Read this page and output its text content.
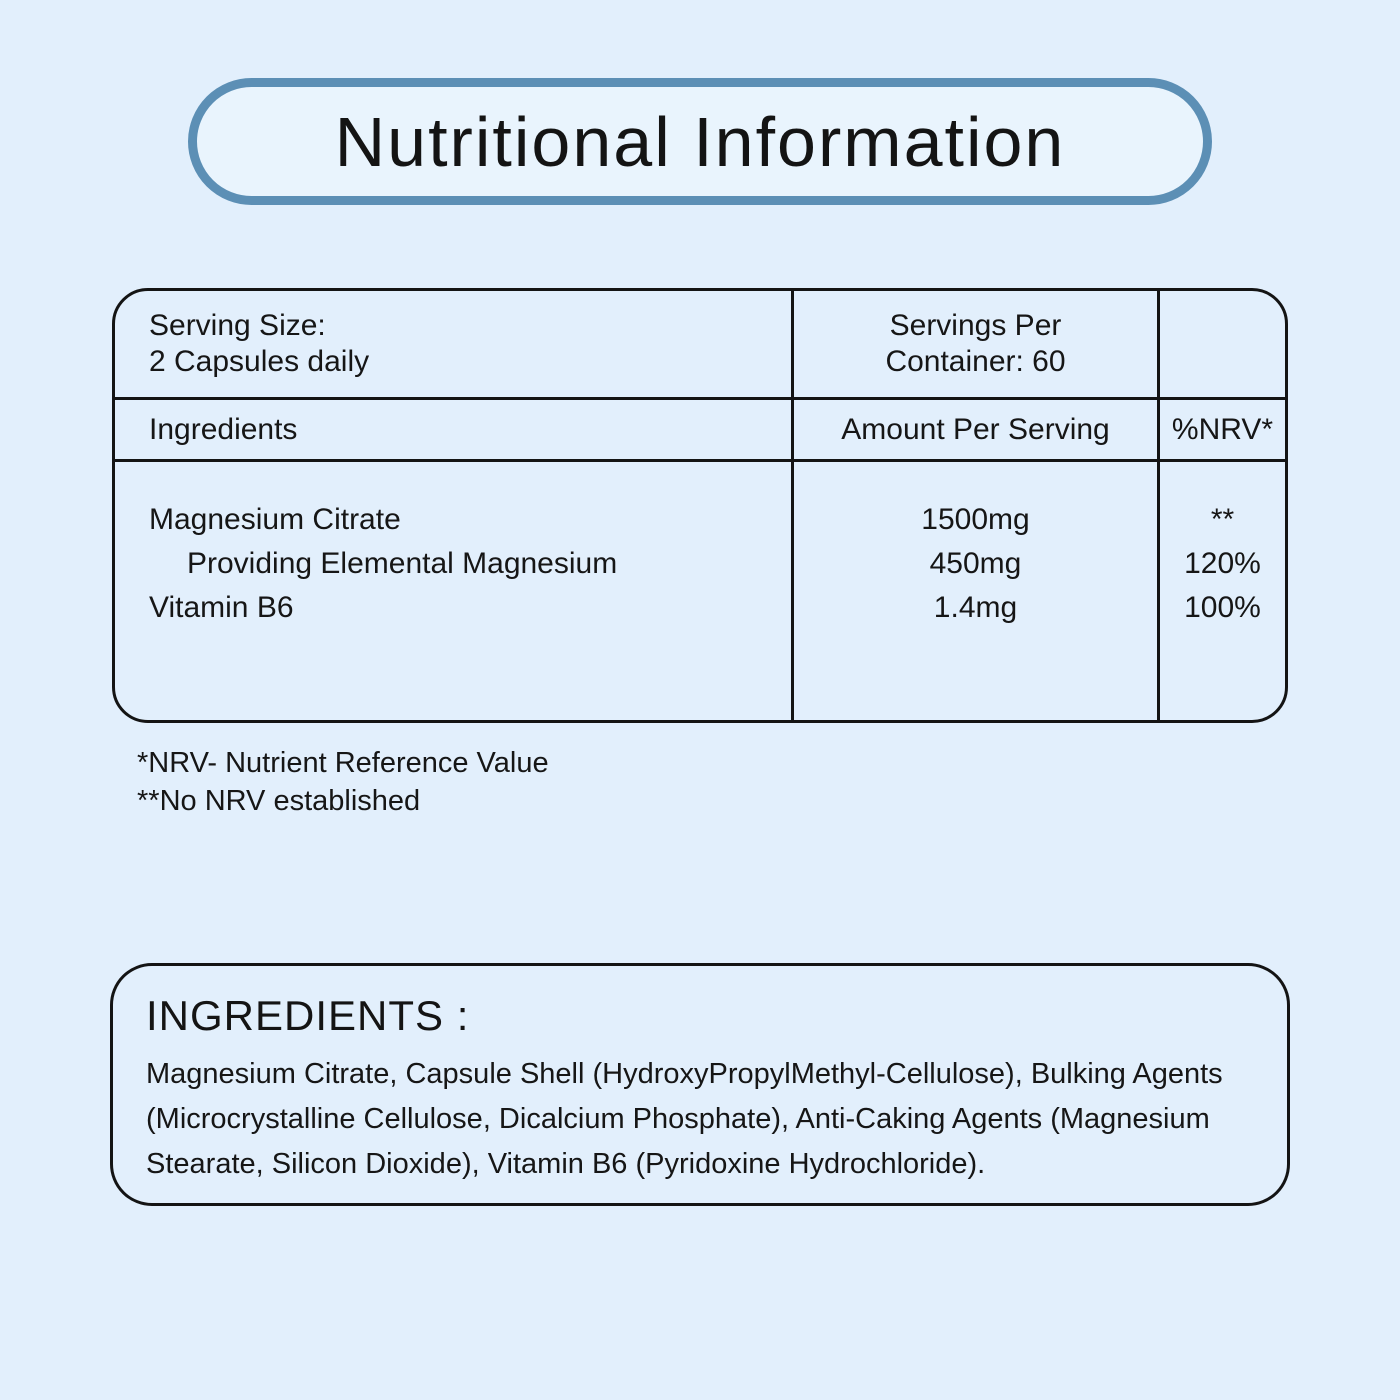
Nutritional Information
Serving Size:
2 Capsules daily
Servings Per
Container: 60
Ingredients	Amount Per Serving %NRV*
Magnesium Citrate
Providing Elemental Magnesium
Vitamin B6
1500mg
450mg
1.4mg
**
120%
100%
*NRV- Nutrient Reference Value
**No NRV established
INGREDIENTS :
Magnesium Citrate, Capsule Shell (HydroxyPropylMethyl-Cellulose), Bulking Agents (Microcrystalline Cellulose, Dicalcium Phosphate), Anti-Caking Agents (Magnesium Stearate, Silicon Dioxide), Vitamin B6 (Pyridoxine Hydrochloride).
